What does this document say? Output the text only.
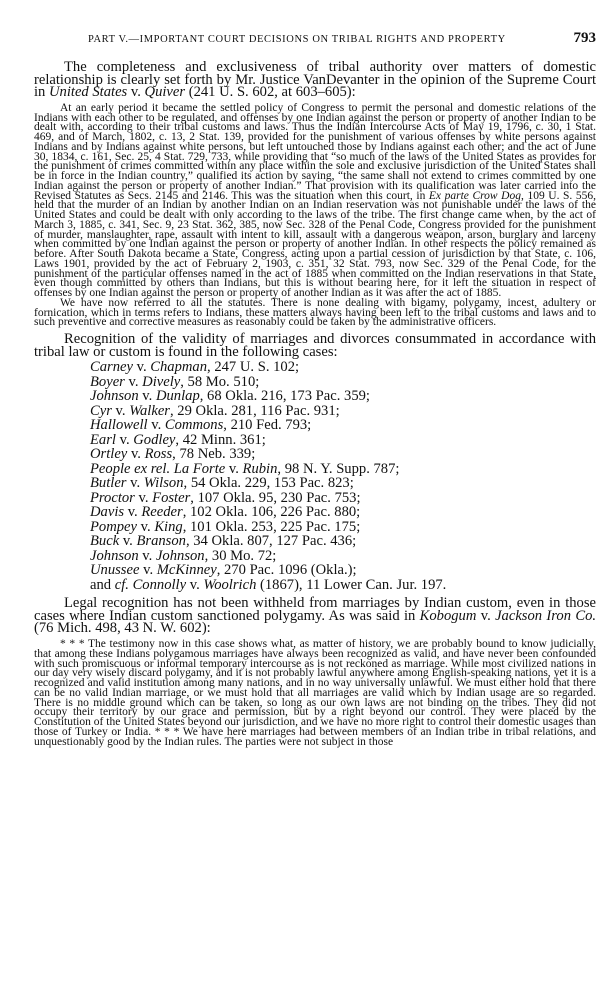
PART V.—IMPORTANT COURT DECISIONS ON TRIBAL RIGHTS AND PROPERTY	793

The completeness and exclusiveness of tribal authority over matters of domestic relationship is clearly set forth by Mr. Justice VanDevanter in the opinion of the Supreme Court in United States v. Quiver (241 U. S. 602, at 603–605):

At an early period it became the settled policy of Congress to permit the personal and domestic relations of the Indians with each other to be regulated, and offenses by one Indian against the person or property of another Indian to be dealt with, according to their tribal customs and laws. Thus the Indian Intercourse Acts of May 19, 1796, c. 30, 1 Stat. 469, and of March, 1802, c. 13, 2 Stat. 139, provided for the punishment of various offenses by white persons against Indians and by Indians against white persons, but left untouched those by Indians against each other; and the act of June 30, 1834, c. 161, Sec. 25, 4 Stat. 729, 733, while providing that “so much of the laws of the United States as provides for the punishment of crimes committed within any place within the sole and exclusive jurisdiction of the United States shall be in force in the Indian country,” qualified its action by saying, “the same shall not extend to crimes committed by one Indian against the person or property of another Indian.” That provision with its qualification was later carried into the Revised Statutes as Secs. 2145 and 2146. This was the situation when this court, in Ex parte Crow Dog, 109 U. S. 556, held that the murder of an Indian by another Indian on an Indian reservation was not punishable under the laws of the United States and could be dealt with only according to the laws of the tribe. The first change came when, by the act of March 3, 1885, c. 341, Sec. 9, 23 Stat. 362, 385, now Sec. 328 of the Penal Code, Congress provided for the punishment of murder, manslaughter, rape, assault with intent to kill, assault with a dangerous weapon, arson, burglary and larceny when committed by one Indian against the person or property of another Indian. In other respects the policy remained as before. After South Dakota became a State, Congress, acting upon a partial cession of jurisdiction by that State, c. 106, Laws 1901, provided by the act of February 2, 1903, c. 351, 32 Stat. 793, now Sec. 329 of the Penal Code, for the punishment of the particular offenses named in the act of 1885 when committed on the Indian reservations in that State, even though committed by others than Indians, but this is without bearing here, for it left the situation in respect of offenses by one Indian against the person or property of another Indian as it was after the act of 1885.

We have now referred to all the statutes. There is none dealing with bigamy, polygamy, incest, adultery or fornication, which in terms refers to Indians, these matters always having been left to the tribal customs and laws and to such preventive and corrective measures as reasonably could be taken by the administrative officers.

Recognition of the validity of marriages and divorces consummated in accordance with tribal law or custom is found in the following cases:

Carney v. Chapman, 247 U. S. 102;
Boyer v. Dively, 58 Mo. 510;
Johnson v. Dunlap, 68 Okla. 216, 173 Pac. 359;
Cyr v. Walker, 29 Okla. 281, 116 Pac. 931;
Hallowell v. Commons, 210 Fed. 793;
Earl v. Godley, 42 Minn. 361;
Ortley v. Ross, 78 Neb. 339;
People ex rel. La Forte v. Rubin, 98 N. Y. Supp. 787;
Butler v. Wilson, 54 Okla. 229, 153 Pac. 823;
Proctor v. Foster, 107 Okla. 95, 230 Pac. 753;
Davis v. Reeder, 102 Okla. 106, 226 Pac. 880;
Pompey v. King, 101 Okla. 253, 225 Pac. 175;
Buck v. Branson, 34 Okla. 807, 127 Pac. 436;
Johnson v. Johnson, 30 Mo. 72;
Unussee v. McKinney, 270 Pac. 1096 (Okla.);
and cf. Connolly v. Woolrich (1867), 11 Lower Can. Jur. 197.

Legal recognition has not been withheld from marriages by Indian custom, even in those cases where Indian custom sanctioned polygamy. As was said in Kobogum v. Jackson Iron Co. (76 Mich. 498, 43 N. W. 602):

* * * The testimony now in this case shows what, as matter of history, we are probably bound to know judicially, that among these Indians polygamous marriages have always been recognized as valid, and have never been confounded with such promiscuous or informal temporary intercourse as is not reckoned as marriage. While most civilized nations in our day very wisely discard polygamy, and it is not probably lawful anywhere among English-speaking nations, yet it is a recognized and valid institution among many nations, and in no way universally unlawful. We must either hold that there can be no valid Indian marriage, or we must hold that all marriages are valid which by Indian usage are so regarded. There is no middle ground which can be taken, so long as our own laws are not binding on the tribes. They did not occupy their territory by our grace and permission, but by a right beyond our control. They were placed by the Constitution of the United States beyond our jurisdiction, and we have no more right to control their domestic usages than those of Turkey or India. * * * We have here marriages had between members of an Indian tribe in tribal relations, and unquestionably good by the Indian rules. The parties were not subject in those
